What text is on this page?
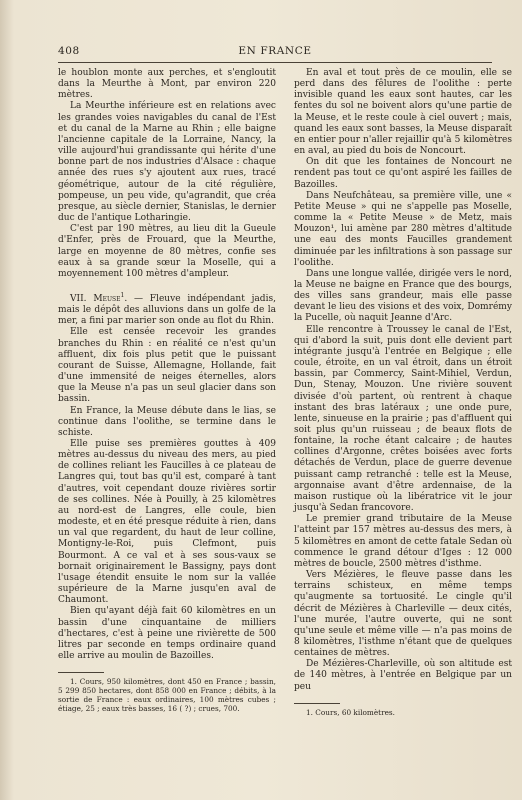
408	EN FRANCE

le houblon monte aux perches, et s'engloutit dans la Meurthe à Mont, par environ 220 mètres.

La Meurthe inférieure est en relations avec les grandes voies navigables du canal de l'Est et du canal de la Marne au Rhin ; elle baigne l'ancienne capitale de la Lorraine, Nancy, la ville aujourd'hui grandissante qui hérite d'une bonne part de nos industries d'Alsace : chaque année des rues s'y ajoutent aux rues, tracé géométrique, autour de la cité régulière, pompeuse, un peu vide, qu'agrandit, que créa presque, au siècle dernier, Stanislas, le dernier duc de l'antique Lotharingie.

C'est par 190 mètres, au lieu dit la Gueule d'Enfer, près de Frouard, que la Meurthe, large en moyenne de 80 mètres, confie ses eaux à sa grande sœur la Moselle, qui a moyennement 100 mètres d'ampleur.

VII. Meuse$^1$. — Fleuve indépendant jadis, mais le dépôt des alluvions dans un golfe de la mer, a fini par marier son onde au flot du Rhin.

Elle est censée recevoir les grandes branches du Rhin : en réalité ce n'est qu'un affluent, dix fois plus petit que le puissant courant de Suisse, Allemagne, Hollande, fait d'une immensité de neiges éternelles, alors que la Meuse n'a pas un seul glacier dans son bassin.

En France, la Meuse débute dans le lias, se continue dans l'oolithe, se termine dans le schiste.

Elle puise ses premières gouttes à 409 mètres au-dessus du niveau des mers, au pied de collines reliant les Faucilles à ce plateau de Langres qui, tout bas qu'il est, comparé à tant d'autres, voit cependant douze rivières sortir de ses collines. Née à Pouilly, à 25 kilomètres au nord-est de Langres, elle coule, bien modeste, et en été presque réduite à rien, dans un val que regardent, du haut de leur colline, Montigny-le-Roi, puis Clefmont, puis Bourmont. A ce val et à ses sous-vaux se bornait originairement le Bassigny, pays dont l'usage étendit ensuite le nom sur la vallée supérieure de la Marne jusqu'en aval de Chaumont.

Bien qu'ayant déjà fait 60 kilomètres en un bassin d'une cinquantaine de milliers d'hectares, c'est à peine une rivièrette de 500 litres par seconde en temps ordinaire quand elle arrive au moulin de Bazoilles.

1. Cours, 950 kilomètres, dont 450 en France ; bassin, 5 299 850 hectares, dont 858 000 en France ; débits, à la sortie de France : eaux ordinaires, 100 mètres cubes ; étiage, 25 ; eaux très basses, 16 ( ?) ; crues, 700.

En aval et tout près de ce moulin, elle se perd dans des fêlures de l'oolithe : perte invisible quand les eaux sont hautes, car les fentes du sol ne boivent alors qu'une partie de la Meuse, et le reste coule à ciel ouvert ; mais, quand les eaux sont basses, la Meuse disparaît en entier pour n'aller rejaillir qu'à 5 kilomètres en aval, au pied du bois de Noncourt.

On dit que les fontaines de Noncourt ne rendent pas tout ce qu'ont aspiré les failles de Bazoilles.

Dans Neufchâteau, sa première ville, une « Petite Meuse » qui ne s'appelle pas Moselle, comme la « Petite Meuse » de Metz, mais Mouzon¹, lui amène par 280 mètres d'altitude une eau des monts Faucilles grandement diminuée par les infiltrations à son passage sur l'oolithe.

Dans une longue vallée, dirigée vers le nord, la Meuse ne baigne en France que des bourgs, des villes sans grandeur, mais elle passe devant le lieu des visions et des voix, Domrémy la Pucelle, où naquit Jeanne d'Arc.

Elle rencontre à Troussey le canal de l'Est, qui d'abord la suit, puis dont elle devient part intégrante jusqu'à l'entrée en Belgique ; elle coule, étroite, en un val étroit, dans un étroit bassin, par Commercy, Saint-Mihiel, Verdun, Dun, Stenay, Mouzon. Une rivière souvent divisée d'où partent, où rentrent à chaque instant des bras latéraux ; une onde pure, lente, sinueuse en la prairie ; pas d'affluent qui soit plus qu'un ruisseau ; de beaux flots de fontaine, la roche étant calcaire ; de hautes collines d'Argonne, crêtes boisées avec forts détachés de Verdun, place de guerre devenue puissant camp retranché : telle est la Meuse, argonnaise avant d'être ardennaise, de la maison rustique où la libératrice vit le jour jusqu'à Sedan francovore.

Le premier grand tributaire de la Meuse l'atteint par 157 mètres au-dessus des mers, à 5 kilomètres en amont de cette fatale Sedan où commence le grand détour d'Iges : 12 000 mètres de boucle, 2500 mètres d'isthme.

Vers Mézières, le fleuve passe dans les terrains schisteux, en même temps qu'augmente sa tortuosité. Le cingle qu'il décrit de Mézières à Charleville — deux cités, l'une murée, l'autre ouverte, qui ne sont qu'une seule et même ville — n'a pas moins de 8 kilomètres, l'isthme n'étant que de quelques centaines de mètres.

De Mézières-Charleville, où son altitude est de 140 mètres, à l'entrée en Belgique par un peu

1. Cours, 60 kilomètres.
